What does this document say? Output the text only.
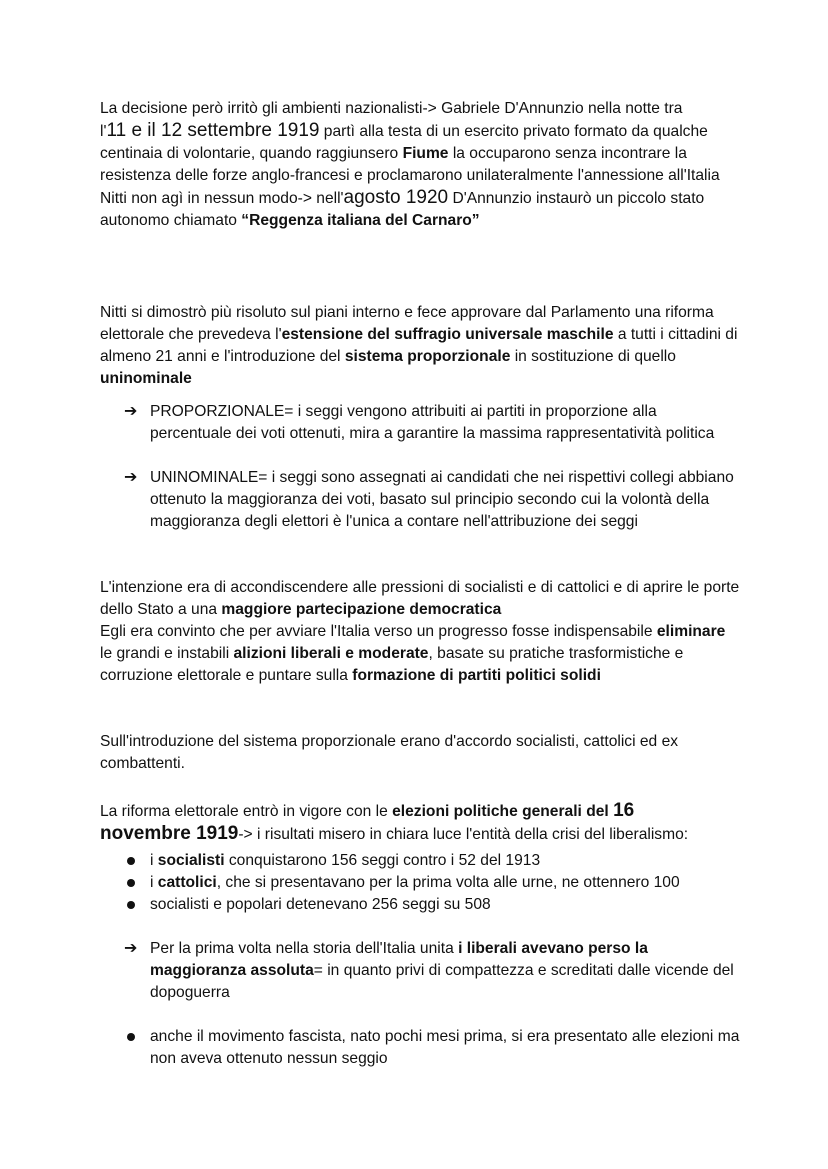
La decisione però irritò gli ambienti nazionalisti-> Gabriele D'Annunzio nella notte tra
l'11 e il 12 settembre 1919 partì alla testa di un esercito privato formato da qualche centinaia di volontarie, quando raggiunsero Fiume la occuparono senza incontrare la resistenza delle forze anglo-francesi e proclamarono unilateralmente l'annessione all'Italia
Nitti non agì in nessun modo-> nell'agosto 1920 D'Annunzio instaurò un piccolo stato autonomo chiamato “Reggenza italiana del Carnaro”

Nitti si dimostrò più risoluto sul piani interno e fece approvare dal Parlamento una riforma elettorale che prevedeva l'estensione del suffragio universale maschile a tutti i cittadini di almeno 21 anni e l'introduzione del sistema proporzionale in sostituzione di quello uninominale

➔ PROPORZIONALE= i seggi vengono attribuiti ai partiti in proporzione alla percentuale dei voti ottenuti, mira a garantire la massima rappresentatività politica

➔ UNINOMINALE= i seggi sono assegnati ai candidati che nei rispettivi collegi abbiano ottenuto la maggioranza dei voti, basato sul principio secondo cui la volontà della maggioranza degli elettori è l'unica a contare nell'attribuzione dei seggi

L'intenzione era di accondiscendere alle pressioni di socialisti e di cattolici e di aprire le porte dello Stato a una maggiore partecipazione democratica
Egli era convinto che per avviare l'Italia verso un progresso fosse indispensabile eliminare le grandi e instabili alizioni liberali e moderate, basate su pratiche trasformistiche e corruzione elettorale e puntare sulla formazione di partiti politici solidi

Sull'introduzione del sistema proporzionale erano d'accordo socialisti, cattolici ed ex combattenti.

La riforma elettorale entrò in vigore con le elezioni politiche generali del 16
novembre 1919-> i risultati misero in chiara luce l'entità della crisi del liberalismo:

i socialisti conquistarono 156 seggi contro i 52 del 1913

i cattolici, che si presentavano per la prima volta alle urne, ne ottennero 100

socialisti e popolari detenevano 256 seggi su 508

➔ Per la prima volta nella storia dell'Italia unita i liberali avevano perso la maggioranza assoluta= in quanto privi di compattezza e screditati dalle vicende del dopoguerra

anche il movimento fascista, nato pochi mesi prima, si era presentato alle elezioni ma non aveva ottenuto nessun seggio
